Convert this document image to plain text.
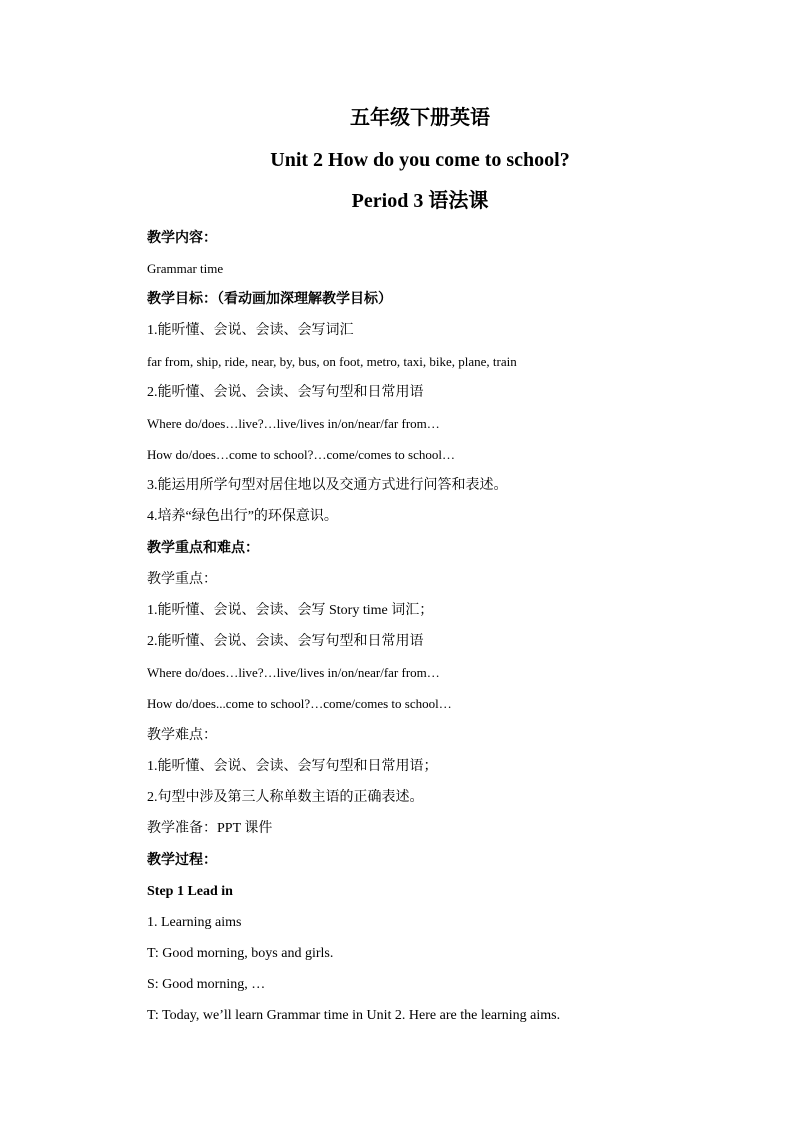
五年级下册英语
Unit 2 How do you come to school?
Period 3 语法课
教学内容：
Grammar time
教学目标：（看动画加深理解教学目标）
1.能听懂、会说、会读、会写词汇
far from, ship, ride, near, by, bus, on foot, metro, taxi, bike, plane, train
2.能听懂、会说、会读、会写句型和日常用语
Where do/does…live?…live/lives in/on/near/far from…
How do/does…come to school?…come/comes to school…
3.能运用所学句型对居住地以及交通方式进行问答和表述。
4.培养“绿色出行”的环保意识。
教学重点和难点：
教学重点：
1.能听懂、会说、会读、会写 Story time 词汇；
2.能听懂、会说、会读、会写句型和日常用语
Where do/does…live?…live/lives in/on/near/far from…
How do/does...come to school?…come/comes to school…
教学难点：
1.能听懂、会说、会读、会写句型和日常用语；
2.句型中涉及第三人称单数主语的正确表述。
教学准备：PPT 课件
教学过程：
Step 1 Lead in
1. Learning aims
T: Good morning, boys and girls.
S: Good morning, …
T: Today, we’ll learn Grammar time in Unit 2. Here are the learning aims.
